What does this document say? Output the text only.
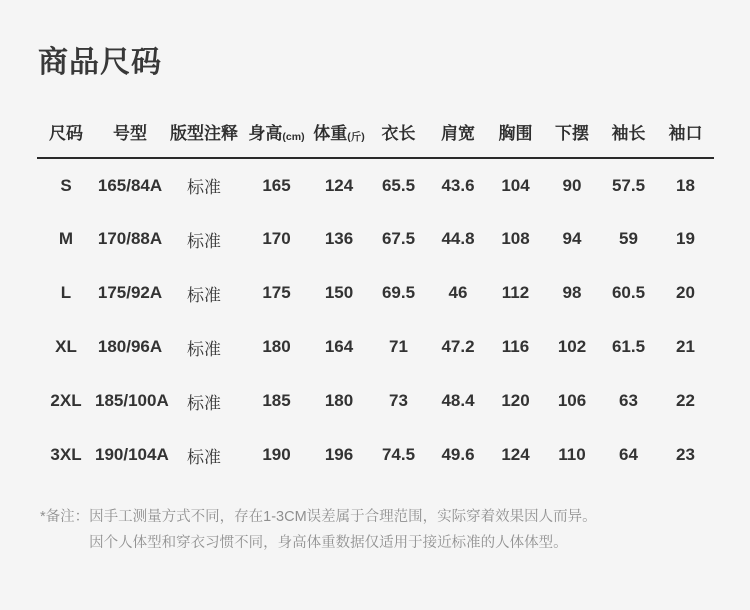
商品尺码
尺码	号型	版型注释	身高(cm)	体重(斤)	衣长	肩宽	胸围	下摆	袖长	袖口
S	165/84A	标准	165	124	65.5	43.6	104	90	57.5	18
M	170/88A	标准	170	136	67.5	44.8	108	94	59	19
L	175/92A	标准	175	150	69.5	46	112	98	60.5	20
XL	180/96A	标准	180	164	71	47.2	116	102	61.5	21
2XL	185/100A	标准	185	180	73	48.4	120	106	63	22
3XL	190/104A	标准	190	196	74.5	49.6	124	110	64	23
*备注： 因手工测量方式不同，存在1-3CM误差属于合理范围，实际穿着效果因人而异。
因个人体型和穿衣习惯不同，身高体重数据仅适用于接近标准的人体体型。
